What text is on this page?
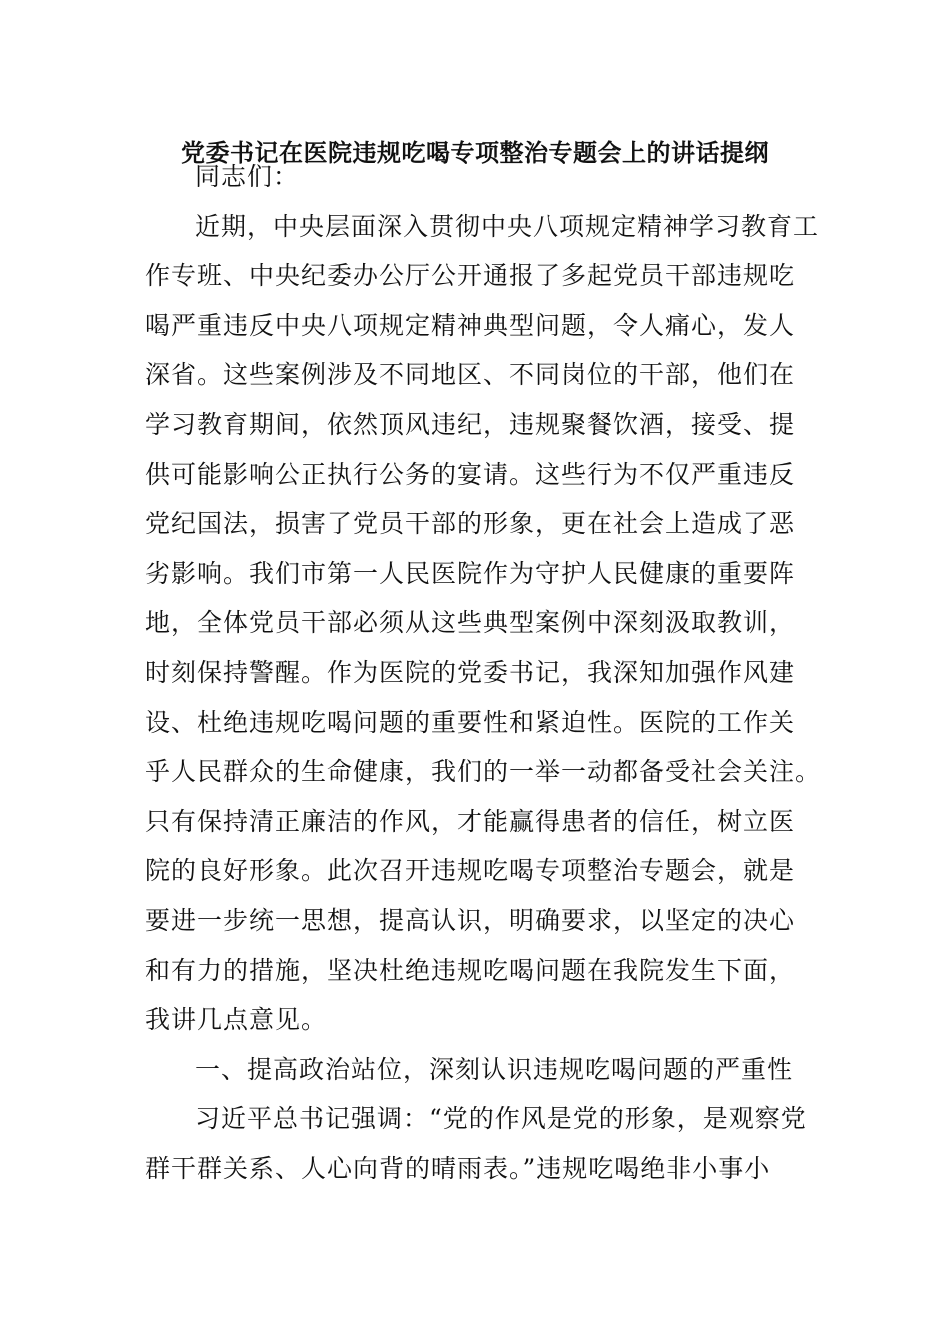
党委书记在医院违规吃喝专项整治专题会上的讲话提纲
同志们：
近期，中央层面深入贯彻中央八项规定精神学习教育工
作专班、中央纪委办公厅公开通报了多起党员干部违规吃
喝严重违反中央八项规定精神典型问题，令人痛心，发人
深省。这些案例涉及不同地区、不同岗位的干部，他们在
学习教育期间，依然顶风违纪，违规聚餐饮酒，接受、提
供可能影响公正执行公务的宴请。这些行为不仅严重违反
党纪国法，损害了党员干部的形象，更在社会上造成了恶
劣影响。我们市第一人民医院作为守护人民健康的重要阵
地，全体党员干部必须从这些典型案例中深刻汲取教训，
时刻保持警醒。作为医院的党委书记，我深知加强作风建
设、杜绝违规吃喝问题的重要性和紧迫性。医院的工作关
乎人民群众的生命健康，我们的一举一动都备受社会关注。
只有保持清正廉洁的作风，才能赢得患者的信任，树立医
院的良好形象。此次召开违规吃喝专项整治专题会，就是
要进一步统一思想，提高认识，明确要求，以坚定的决心
和有力的措施，坚决杜绝违规吃喝问题在我院发生下面，
我讲几点意见。
一、提高政治站位，深刻认识违规吃喝问题的严重性
习近平总书记强调：“党的作风是党的形象，是观察党
群干群关系、人心向背的晴雨表。”违规吃喝绝非小事小
